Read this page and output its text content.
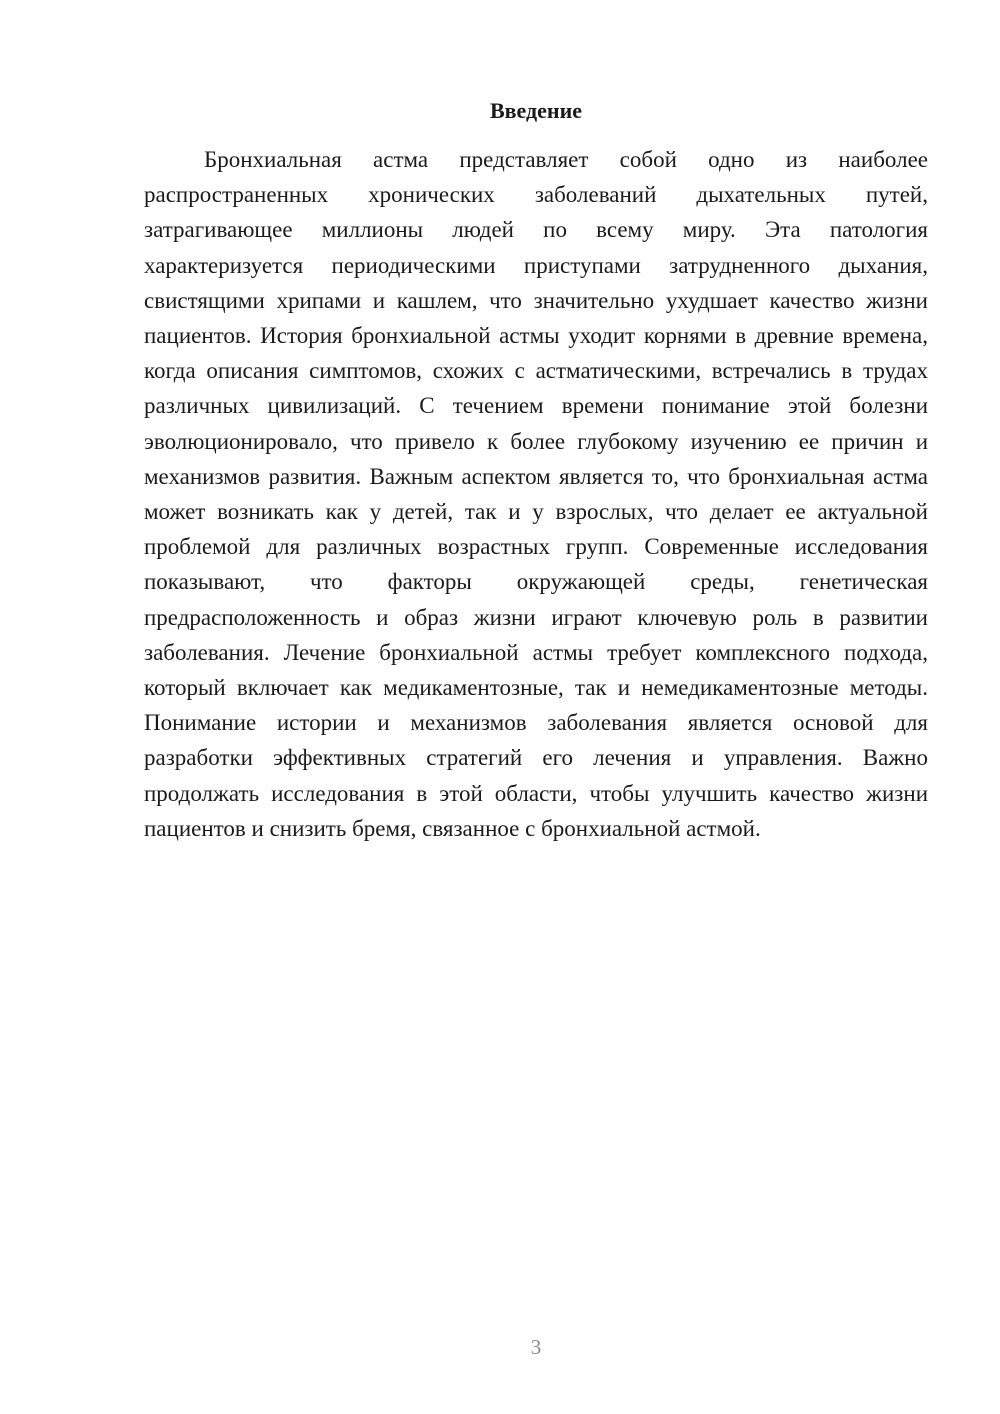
Введение

Бронхиальная астма представляет собой одно из наиболее распространенных хронических заболеваний дыхательных путей, затрагивающее миллионы людей по всему миру. Эта патология характеризуется периодическими приступами затрудненного дыхания, свистящими хрипами и кашлем, что значительно ухудшает качество жизни пациентов. История бронхиальной астмы уходит корнями в древние времена, когда описания симптомов, схожих с астматическими, встречались в трудах различных цивилизаций. С течением времени понимание этой болезни эволюционировало, что привело к более глубокому изучению ее причин и механизмов развития. Важным аспектом является то, что бронхиальная астма может возникать как у детей, так и у взрослых, что делает ее актуальной проблемой для различных возрастных групп. Современные исследования показывают, что факторы окружающей среды, генетическая предрасположенность и образ жизни играют ключевую роль в развитии заболевания. Лечение бронхиальной астмы требует комплексного подхода, который включает как медикаментозные, так и немедикаментозные методы. Понимание истории и механизмов заболевания является основой для разработки эффективных стратегий его лечения и управления. Важно продолжать исследования в этой области, чтобы улучшить качество жизни пациентов и снизить бремя, связанное с бронхиальной астмой.

3
